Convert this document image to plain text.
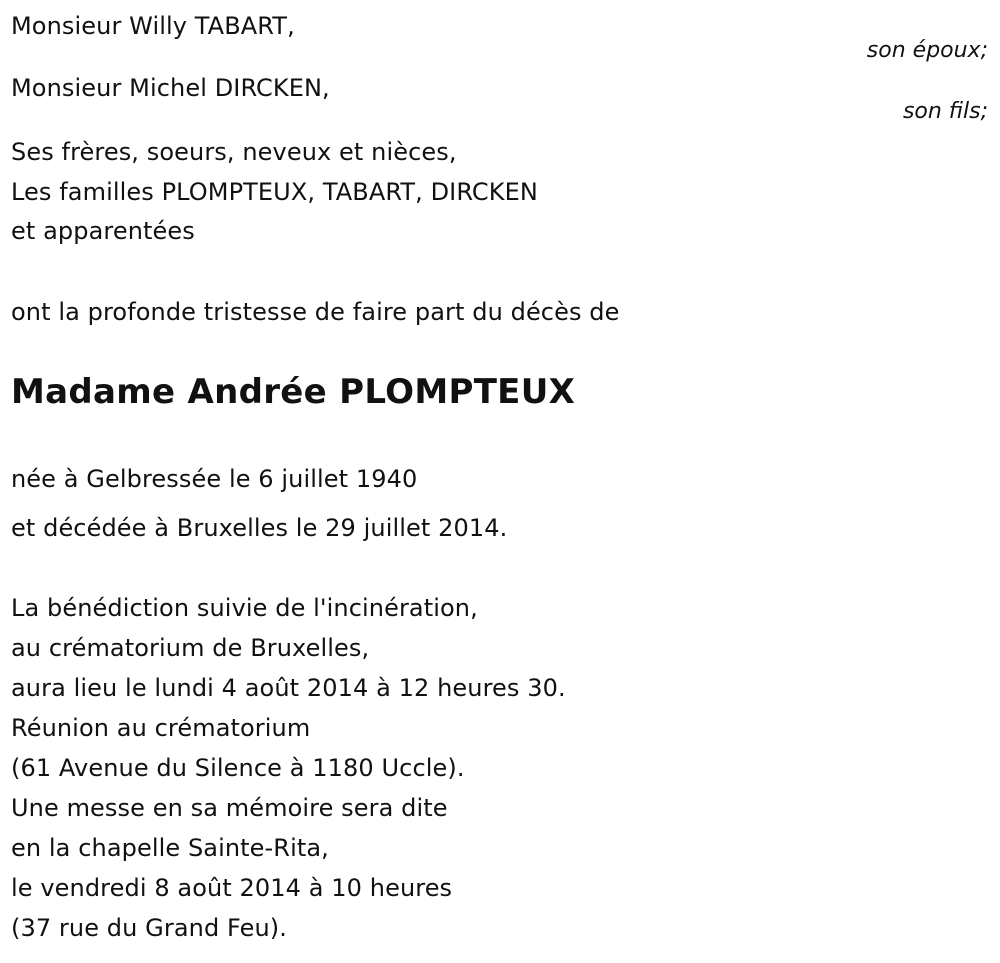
Monsieur Willy TABART,
son époux;
Monsieur Michel DIRCKEN,
son fils;
Ses frères, soeurs, neveux et nièces,
Les familles PLOMPTEUX, TABART, DIRCKEN
et apparentées
ont la profonde tristesse de faire part du décès de
Madame Andrée PLOMPTEUX
née à Gelbressée le 6 juillet 1940
et décédée à Bruxelles le 29 juillet 2014.
La bénédiction suivie de l'incinération,
au crématorium de Bruxelles,
aura lieu le lundi 4 août 2014 à 12 heures 30.
Réunion au crématorium
(61 Avenue du Silence à 1180 Uccle).
Une messe en sa mémoire sera dite
en la chapelle Sainte-Rita,
le vendredi 8 août 2014 à 10 heures
(37 rue du Grand Feu).
